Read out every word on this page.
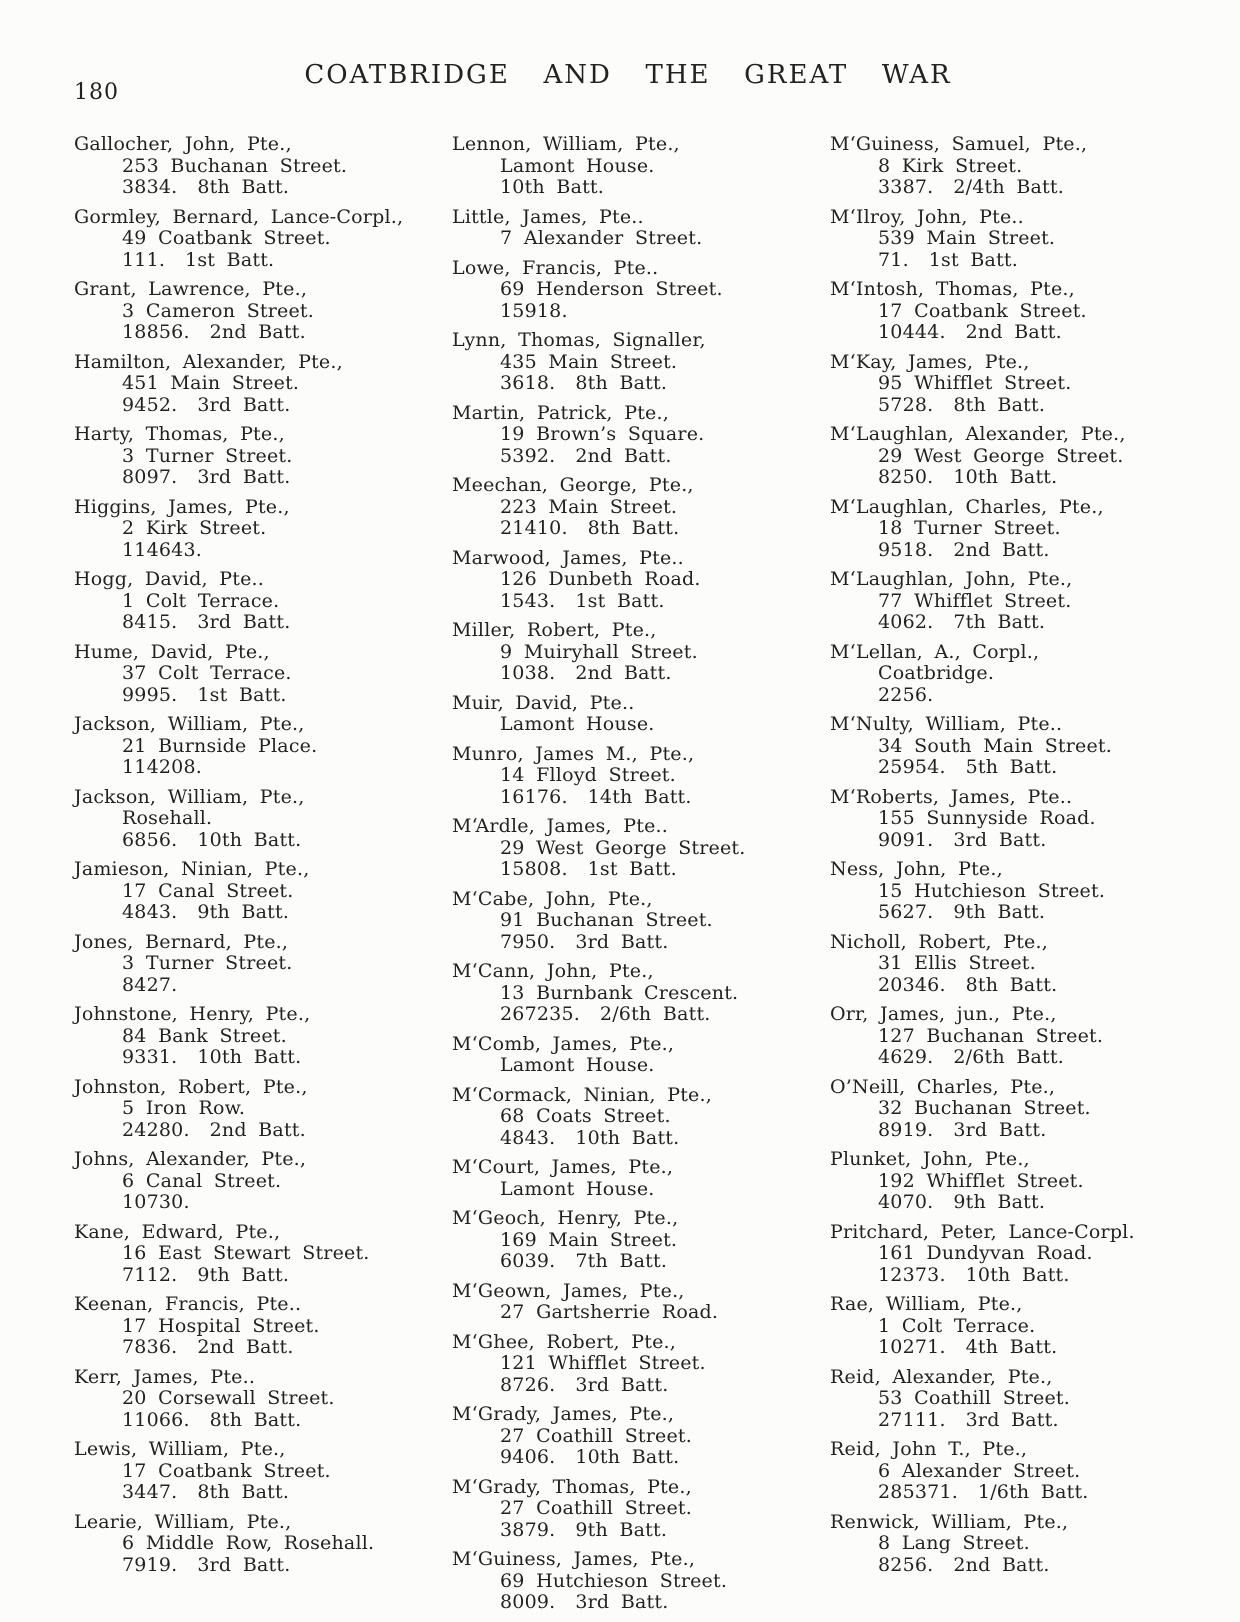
180
COATBRIDGE AND THE GREAT WAR
Gallocher, John, Pte.,
253 Buchanan Street.
3834. 8th Batt.
Gormley, Bernard, Lance-Corpl.,
49 Coatbank Street.
111. 1st Batt.
Grant, Lawrence, Pte.,
3 Cameron Street.
18856. 2nd Batt.
Hamilton, Alexander, Pte.,
451 Main Street.
9452. 3rd Batt.
Harty, Thomas, Pte.,
3 Turner Street.
8097. 3rd Batt.
Higgins, James, Pte.,
2 Kirk Street.
114643.
Hogg, David, Pte..
1 Colt Terrace.
8415. 3rd Batt.
Hume, David, Pte.,
37 Colt Terrace.
9995. 1st Batt.
Jackson, William, Pte.,
21 Burnside Place.
114208.
Jackson, William, Pte.,
Rosehall.
6856. 10th Batt.
Jamieson, Ninian, Pte.,
17 Canal Street.
4843. 9th Batt.
Jones, Bernard, Pte.,
3 Turner Street.
8427.
Johnstone, Henry, Pte.,
84 Bank Street.
9331. 10th Batt.
Johnston, Robert, Pte.,
5 Iron Row.
24280. 2nd Batt.
Johns, Alexander, Pte.,
6 Canal Street.
10730.
Kane, Edward, Pte.,
16 East Stewart Street.
7112. 9th Batt.
Keenan, Francis, Pte..
17 Hospital Street.
7836. 2nd Batt.
Kerr, James, Pte..
20 Corsewall Street.
11066. 8th Batt.
Lewis, William, Pte.,
17 Coatbank Street.
3447. 8th Batt.
Learie, William, Pte.,
6 Middle Row, Rosehall.
7919. 3rd Batt.
Lennon, William, Pte.,
Lamont House.
10th Batt.
Little, James, Pte..
7 Alexander Street.
Lowe, Francis, Pte..
69 Henderson Street.
15918.
Lynn, Thomas, Signaller,
435 Main Street.
3618. 8th Batt.
Martin, Patrick, Pte.,
19 Brown’s Square.
5392. 2nd Batt.
Meechan, George, Pte.,
223 Main Street.
21410. 8th Batt.
Marwood, James, Pte..
126 Dunbeth Road.
1543. 1st Batt.
Miller, Robert, Pte.,
9 Muiryhall Street.
1038. 2nd Batt.
Muir, David, Pte..
Lamont House.
Munro, James M., Pte.,
14 Flloyd Street.
16176. 14th Batt.
M‘Ardle, James, Pte..
29 West George Street.
15808. 1st Batt.
M‘Cabe, John, Pte.,
91 Buchanan Street.
7950. 3rd Batt.
M‘Cann, John, Pte.,
13 Burnbank Crescent.
267235. 2/6th Batt.
M‘Comb, James, Pte.,
Lamont House.
M‘Cormack, Ninian, Pte.,
68 Coats Street.
4843. 10th Batt.
M‘Court, James, Pte.,
Lamont House.
M‘Geoch, Henry, Pte.,
169 Main Street.
6039. 7th Batt.
M‘Geown, James, Pte.,
27 Gartsherrie Road.
M‘Ghee, Robert, Pte.,
121 Whifflet Street.
8726. 3rd Batt.
M‘Grady, James, Pte.,
27 Coathill Street.
9406. 10th Batt.
M‘Grady, Thomas, Pte.,
27 Coathill Street.
3879. 9th Batt.
M‘Guiness, James, Pte.,
69 Hutchieson Street.
8009. 3rd Batt.
M‘Guiness, Samuel, Pte.,
8 Kirk Street.
3387. 2/4th Batt.
M‘Ilroy, John, Pte..
539 Main Street.
71. 1st Batt.
M‘Intosh, Thomas, Pte.,
17 Coatbank Street.
10444. 2nd Batt.
M‘Kay, James, Pte.,
95 Whifflet Street.
5728. 8th Batt.
M‘Laughlan, Alexander, Pte.,
29 West George Street.
8250. 10th Batt.
M‘Laughlan, Charles, Pte.,
18 Turner Street.
9518. 2nd Batt.
M‘Laughlan, John, Pte.,
77 Whifflet Street.
4062. 7th Batt.
M‘Lellan, A., Corpl.,
Coatbridge.
2256.
M‘Nulty, William, Pte..
34 South Main Street.
25954. 5th Batt.
M‘Roberts, James, Pte..
155 Sunnyside Road.
9091. 3rd Batt.
Ness, John, Pte.,
15 Hutchieson Street.
5627. 9th Batt.
Nicholl, Robert, Pte.,
31 Ellis Street.
20346. 8th Batt.
Orr, James, jun., Pte.,
127 Buchanan Street.
4629. 2/6th Batt.
O’Neill, Charles, Pte.,
32 Buchanan Street.
8919. 3rd Batt.
Plunket, John, Pte.,
192 Whifflet Street.
4070. 9th Batt.
Pritchard, Peter, Lance-Corpl.
161 Dundyvan Road.
12373. 10th Batt.
Rae, William, Pte.,
1 Colt Terrace.
10271. 4th Batt.
Reid, Alexander, Pte.,
53 Coathill Street.
27111. 3rd Batt.
Reid, John T., Pte.,
6 Alexander Street.
285371. 1/6th Batt.
Renwick, William, Pte.,
8 Lang Street.
8256. 2nd Batt.
